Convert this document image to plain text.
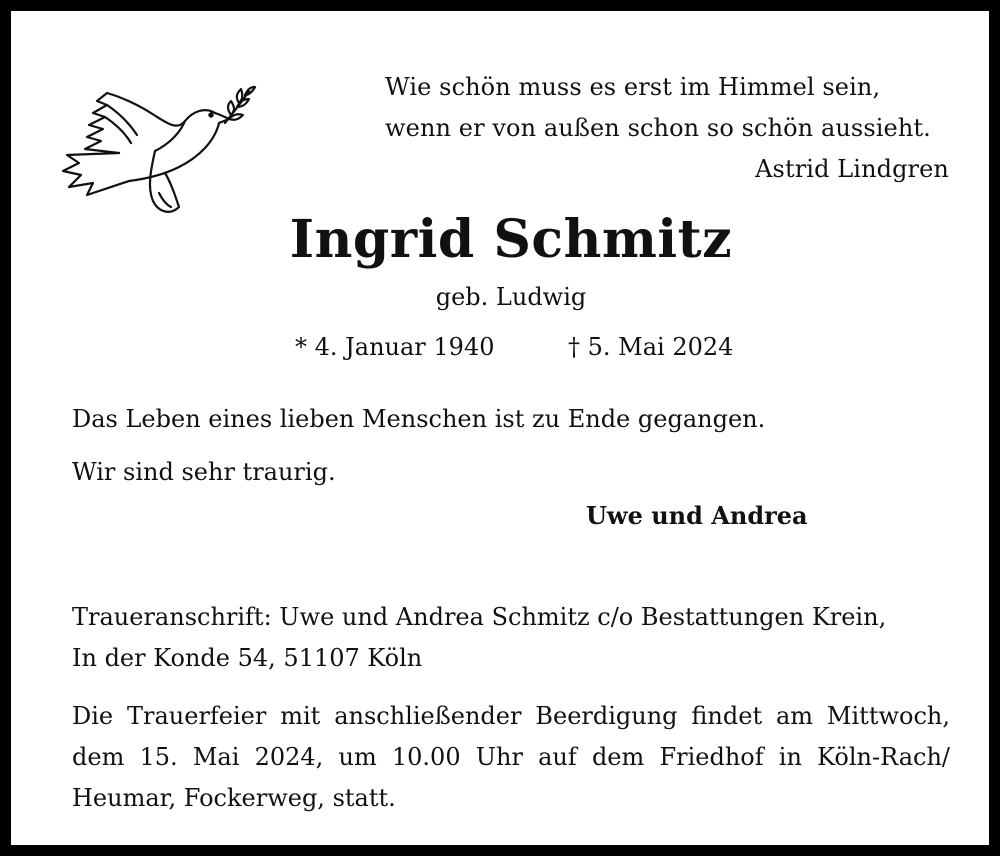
Wie schön muss es erst im Himmel sein,
wenn er von außen schon so schön aussieht.
Astrid Lindgren
Ingrid Schmitz
geb. Ludwig
* 4. Januar 1940	† 5. Mai 2024
Das Leben eines lieben Menschen ist zu Ende gegangen.
Wir sind sehr traurig.
Uwe und Andrea
Traueranschrift: Uwe und Andrea Schmitz c/o Bestattungen Krein,
In der Konde 54, 51107 Köln
Die Trauerfeier mit anschließender Beerdigung findet am Mittwoch,
dem 15. Mai 2024, um 10.00 Uhr auf dem Friedhof in Köln-Rach/
Heumar, Fockerweg, statt.
